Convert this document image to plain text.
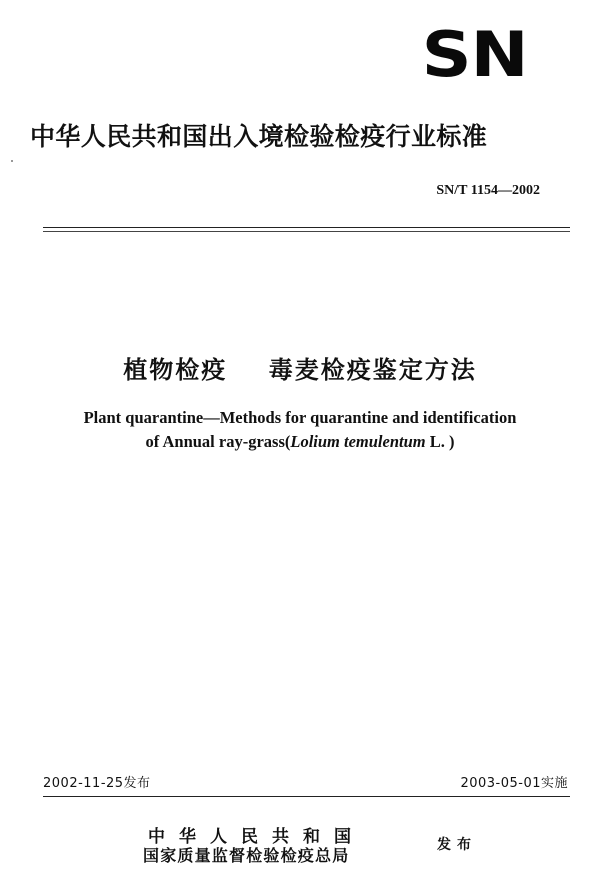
SN
中华人民共和国出入境检验检疫行业标准
SN/T 1154—2002
植物检疫    毒麦检疫鉴定方法
Plant quarantine—Methods for quarantine and identification
of Annual ray-grass(Lolium temulentum L. )
2002-11-25发布	2003-05-01实施
中华人民共和国
国家质量监督检验检疫总局
发布
